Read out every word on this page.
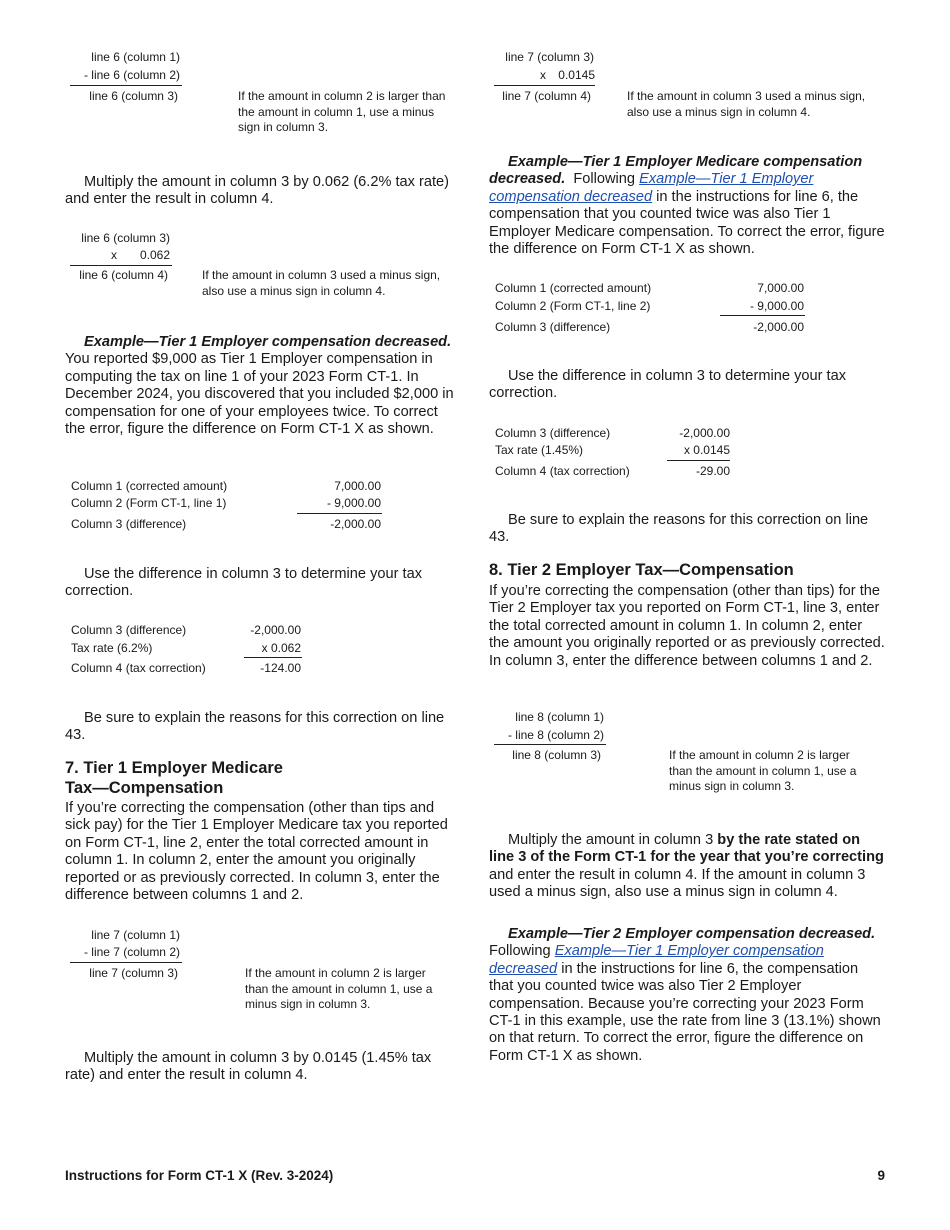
line 6 (column 1)
- line 6 (column 2)
line 6 (column 3)	If the amount in column 2 is larger than the amount in column 1, use a minus sign in column 3.

Multiply the amount in column 3 by 0.062 (6.2% tax rate) and enter the result in column 4.

line 6 (column 3)
x	0.062
line 6 (column 4)	If the amount in column 3 used a minus sign, also use a minus sign in column 4.

Example—Tier 1 Employer compensation decreased.  You reported $9,000 as Tier 1 Employer compensation in computing the tax on line 1 of your 2023 Form CT-1. In December 2024, you discovered that you included $2,000 in compensation for one of your employees twice. To correct the error, figure the difference on Form CT-1 X as shown.

Column 1 (corrected amount)	7,000.00
Column 2 (Form CT-1, line 1)	- 9,000.00
Column 3 (difference)	-2,000.00

Use the difference in column 3 to determine your tax correction.

Column 3 (difference)	-2,000.00
Tax rate (6.2%)	x 0.062
Column 4 (tax correction)	-124.00

Be sure to explain the reasons for this correction on line 43.

7. Tier 1 Employer Medicare
Tax—Compensation

If you’re correcting the compensation (other than tips and sick pay) for the Tier 1 Employer Medicare tax you reported on Form CT-1, line 2, enter the total corrected amount in column 1. In column 2, enter the amount you originally reported or as previously corrected. In column 3, enter the difference between columns 1 and 2.

line 7 (column 1)
- line 7 (column 2)
line 7 (column 3)	If the amount in column 2 is larger than the amount in column 1, use a minus sign in column 3.

Multiply the amount in column 3 by 0.0145 (1.45% tax rate) and enter the result in column 4.

line 7 (column 3)
x	0.0145
line 7 (column 4)	If the amount in column 3 used a minus sign, also use a minus sign in column 4.

Example—Tier 1 Employer Medicare compensation decreased. Following Example—Tier 1 Employer compensation decreased in the instructions for line 6, the compensation that you counted twice was also Tier 1 Employer Medicare compensation. To correct the error, figure the difference on Form CT-1 X as shown.

Column 1 (corrected amount)	7,000.00
Column 2 (Form CT-1, line 2)	- 9,000.00
Column 3 (difference)	-2,000.00

Use the difference in column 3 to determine your tax correction.

Column 3 (difference)	-2,000.00
Tax rate (1.45%)	x 0.0145
Column 4 (tax correction)	-29.00

Be sure to explain the reasons for this correction on line 43.

8. Tier 2 Employer Tax—Compensation

If you’re correcting the compensation (other than tips) for the Tier 2 Employer tax you reported on Form CT-1, line 3, enter the total corrected amount in column 1. In column 2, enter the amount you originally reported or as previously corrected. In column 3, enter the difference between columns 1 and 2.

line 8 (column 1)
- line 8 (column 2)
line 8 (column 3)	If the amount in column 2 is larger than the amount in column 1, use a minus sign in column 3.

Multiply the amount in column 3 by the rate stated on line 3 of the Form CT-1 for the year that you’re correcting and enter the result in column 4. If the amount in column 3 used a minus sign, also use a minus sign in column 4.

Example—Tier 2 Employer compensation decreased.  Following Example—Tier 1 Employer compensation decreased in the instructions for line 6, the compensation that you counted twice was also Tier 2 Employer compensation. Because you’re correcting your 2023 Form CT-1 in this example, use the rate from line 3 (13.1%) shown on that return. To correct the error, figure the difference on Form CT-1 X as shown.

Instructions for Form CT-1 X (Rev. 3-2024)	9
